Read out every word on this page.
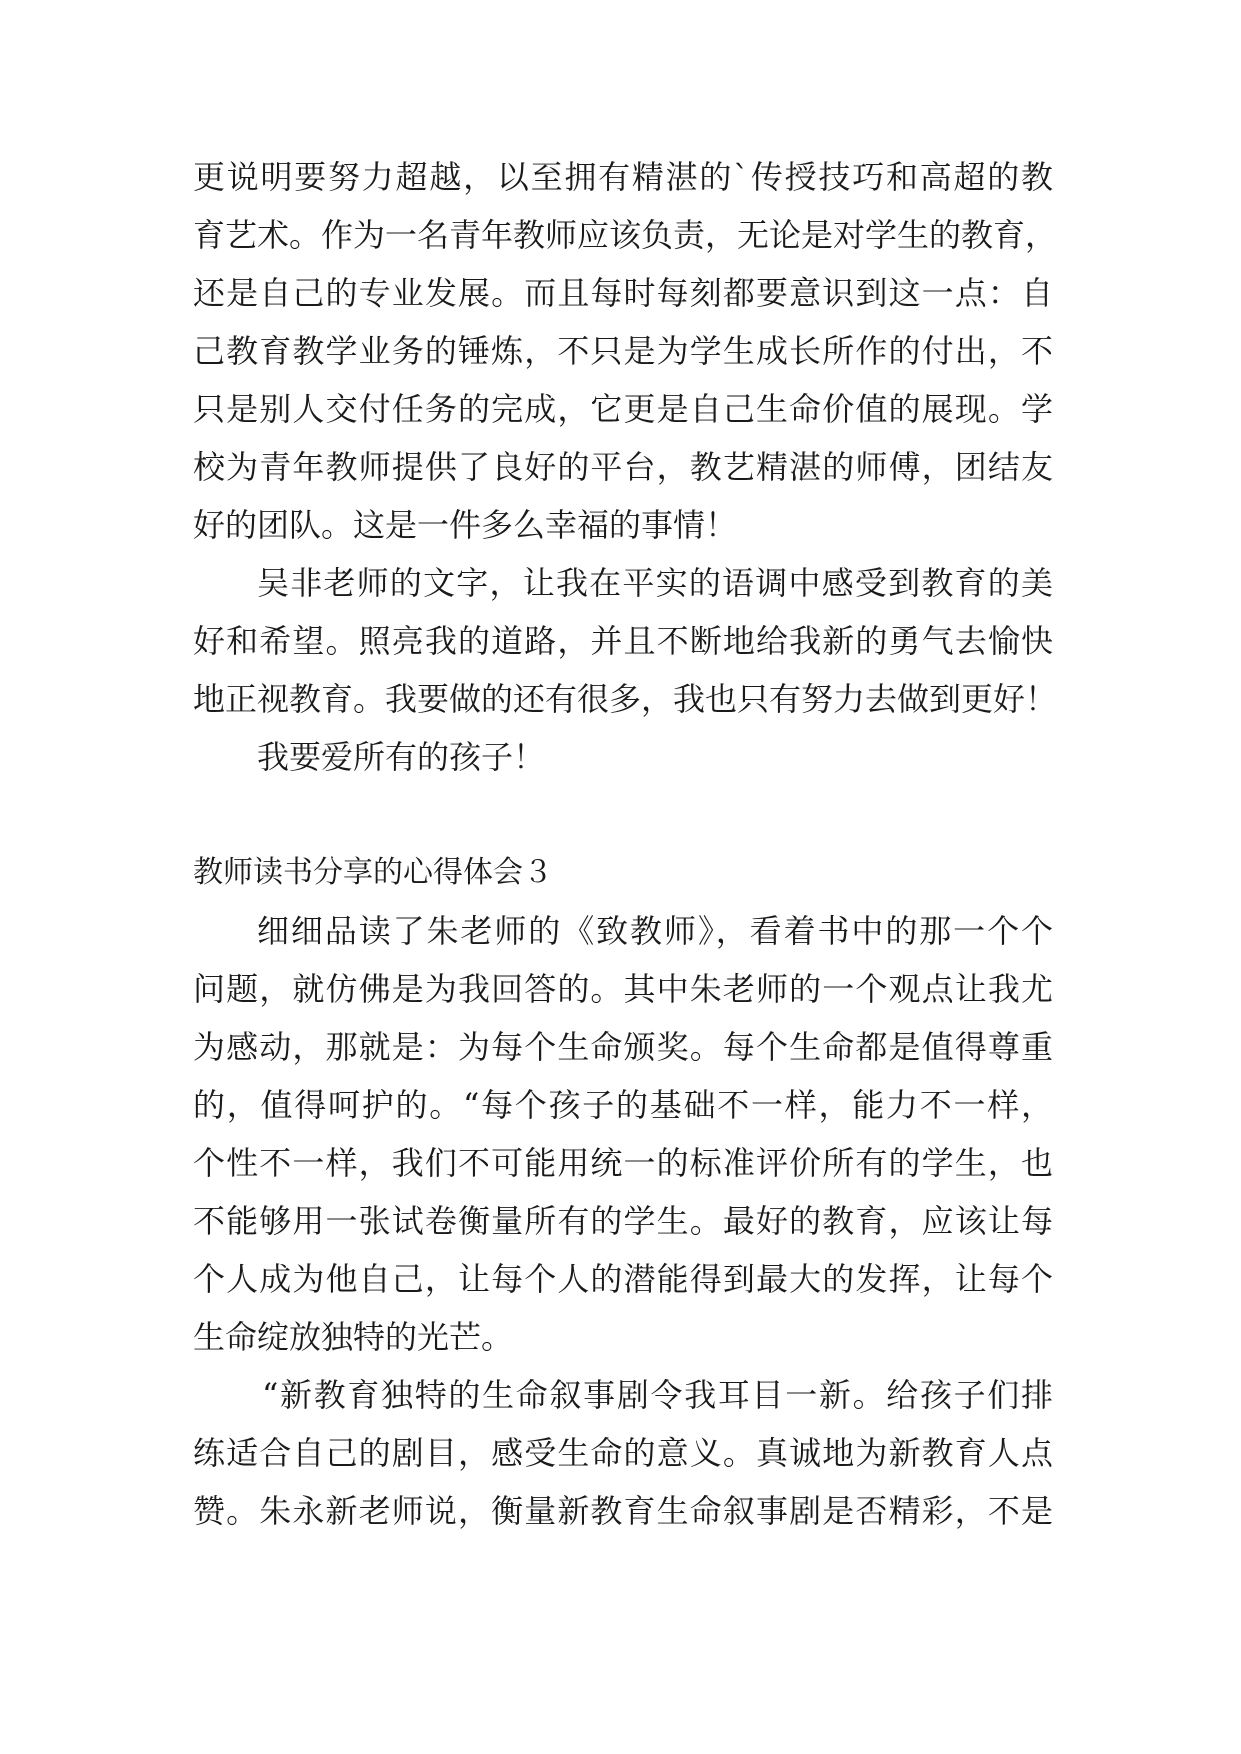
更说明要努力超越，以至拥有精湛的`传授技巧和高超的教
育艺术。作为一名青年教师应该负责，无论是对学生的教育，
还是自己的专业发展。而且每时每刻都要意识到这一点：自
己教育教学业务的锤炼，不只是为学生成长所作的付出，不
只是别人交付任务的完成，它更是自己生命价值的展现。学
校为青年教师提供了良好的平台，教艺精湛的师傅，团结友
好的团队。这是一件多么幸福的事情！
吴非老师的文字，让我在平实的语调中感受到教育的美
好和希望。照亮我的道路，并且不断地给我新的勇气去愉快
地正视教育。我要做的还有很多，我也只有努力去做到更好！
我要爱所有的孩子！
教师读书分享的心得体会３
细细品读了朱老师的《致教师》，看着书中的那一个个
问题，就仿佛是为我回答的。其中朱老师的一个观点让我尤
为感动，那就是：为每个生命颁奖。每个生命都是值得尊重
的，值得呵护的。“每个孩子的基础不一样，能力不一样，
个性不一样，我们不可能用统一的标准评价所有的学生，也
不能够用一张试卷衡量所有的学生。最好的教育，应该让每
个人成为他自己，让每个人的潜能得到最大的发挥，让每个
生命绽放独特的光芒。
“新教育独特的生命叙事剧令我耳目一新。给孩子们排
练适合自己的剧目，感受生命的意义。真诚地为新教育人点
赞。朱永新老师说，衡量新教育生命叙事剧是否精彩，不是
